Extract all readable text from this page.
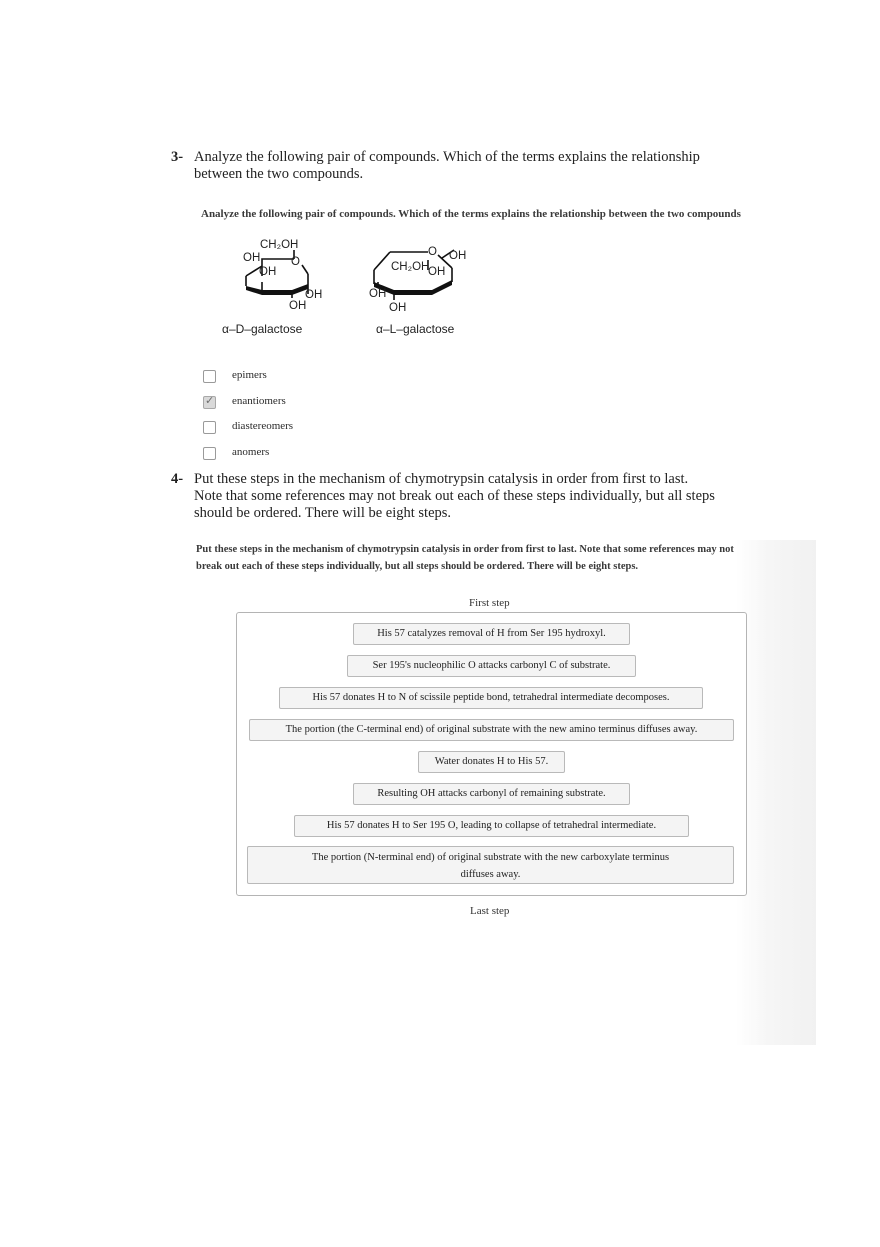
3- Analyze the following pair of compounds. Which of the terms explains the relationship
between the two compounds.
Analyze the following pair of compounds. Which of the terms explains the relationship between the two compounds
CH₂OH
OH	O
OH
OH
OH
α–D–galactose
O OH
CH₂OH
OH
OH
OH
α–L–galactose
epimers
✓
enantiomers
diastereomers
anomers
4- Put these steps in the mechanism of chymotrypsin catalysis in order from first to last.
Note that some references may not break out each of these steps individually, but all steps
should be ordered. There will be eight steps.
Put these steps in the mechanism of chymotrypsin catalysis in order from first to last. Note that some references may not
break out each of these steps individually, but all steps should be ordered. There will be eight steps.
First step
His 57 catalyzes removal of H from Ser 195 hydroxyl.
Ser 195's nucleophilic O attacks carbonyl C of substrate.
His 57 donates H to N of scissile peptide bond, tetrahedral intermediate decomposes.
The portion (the C-terminal end) of original substrate with the new amino terminus diffuses away.
Water donates H to His 57.
Resulting OH attacks carbonyl of remaining substrate.
His 57 donates H to Ser 195 O, leading to collapse of tetrahedral intermediate.
The portion (N-terminal end) of original substrate with the new carboxylate terminus
diffuses away.
Last step
